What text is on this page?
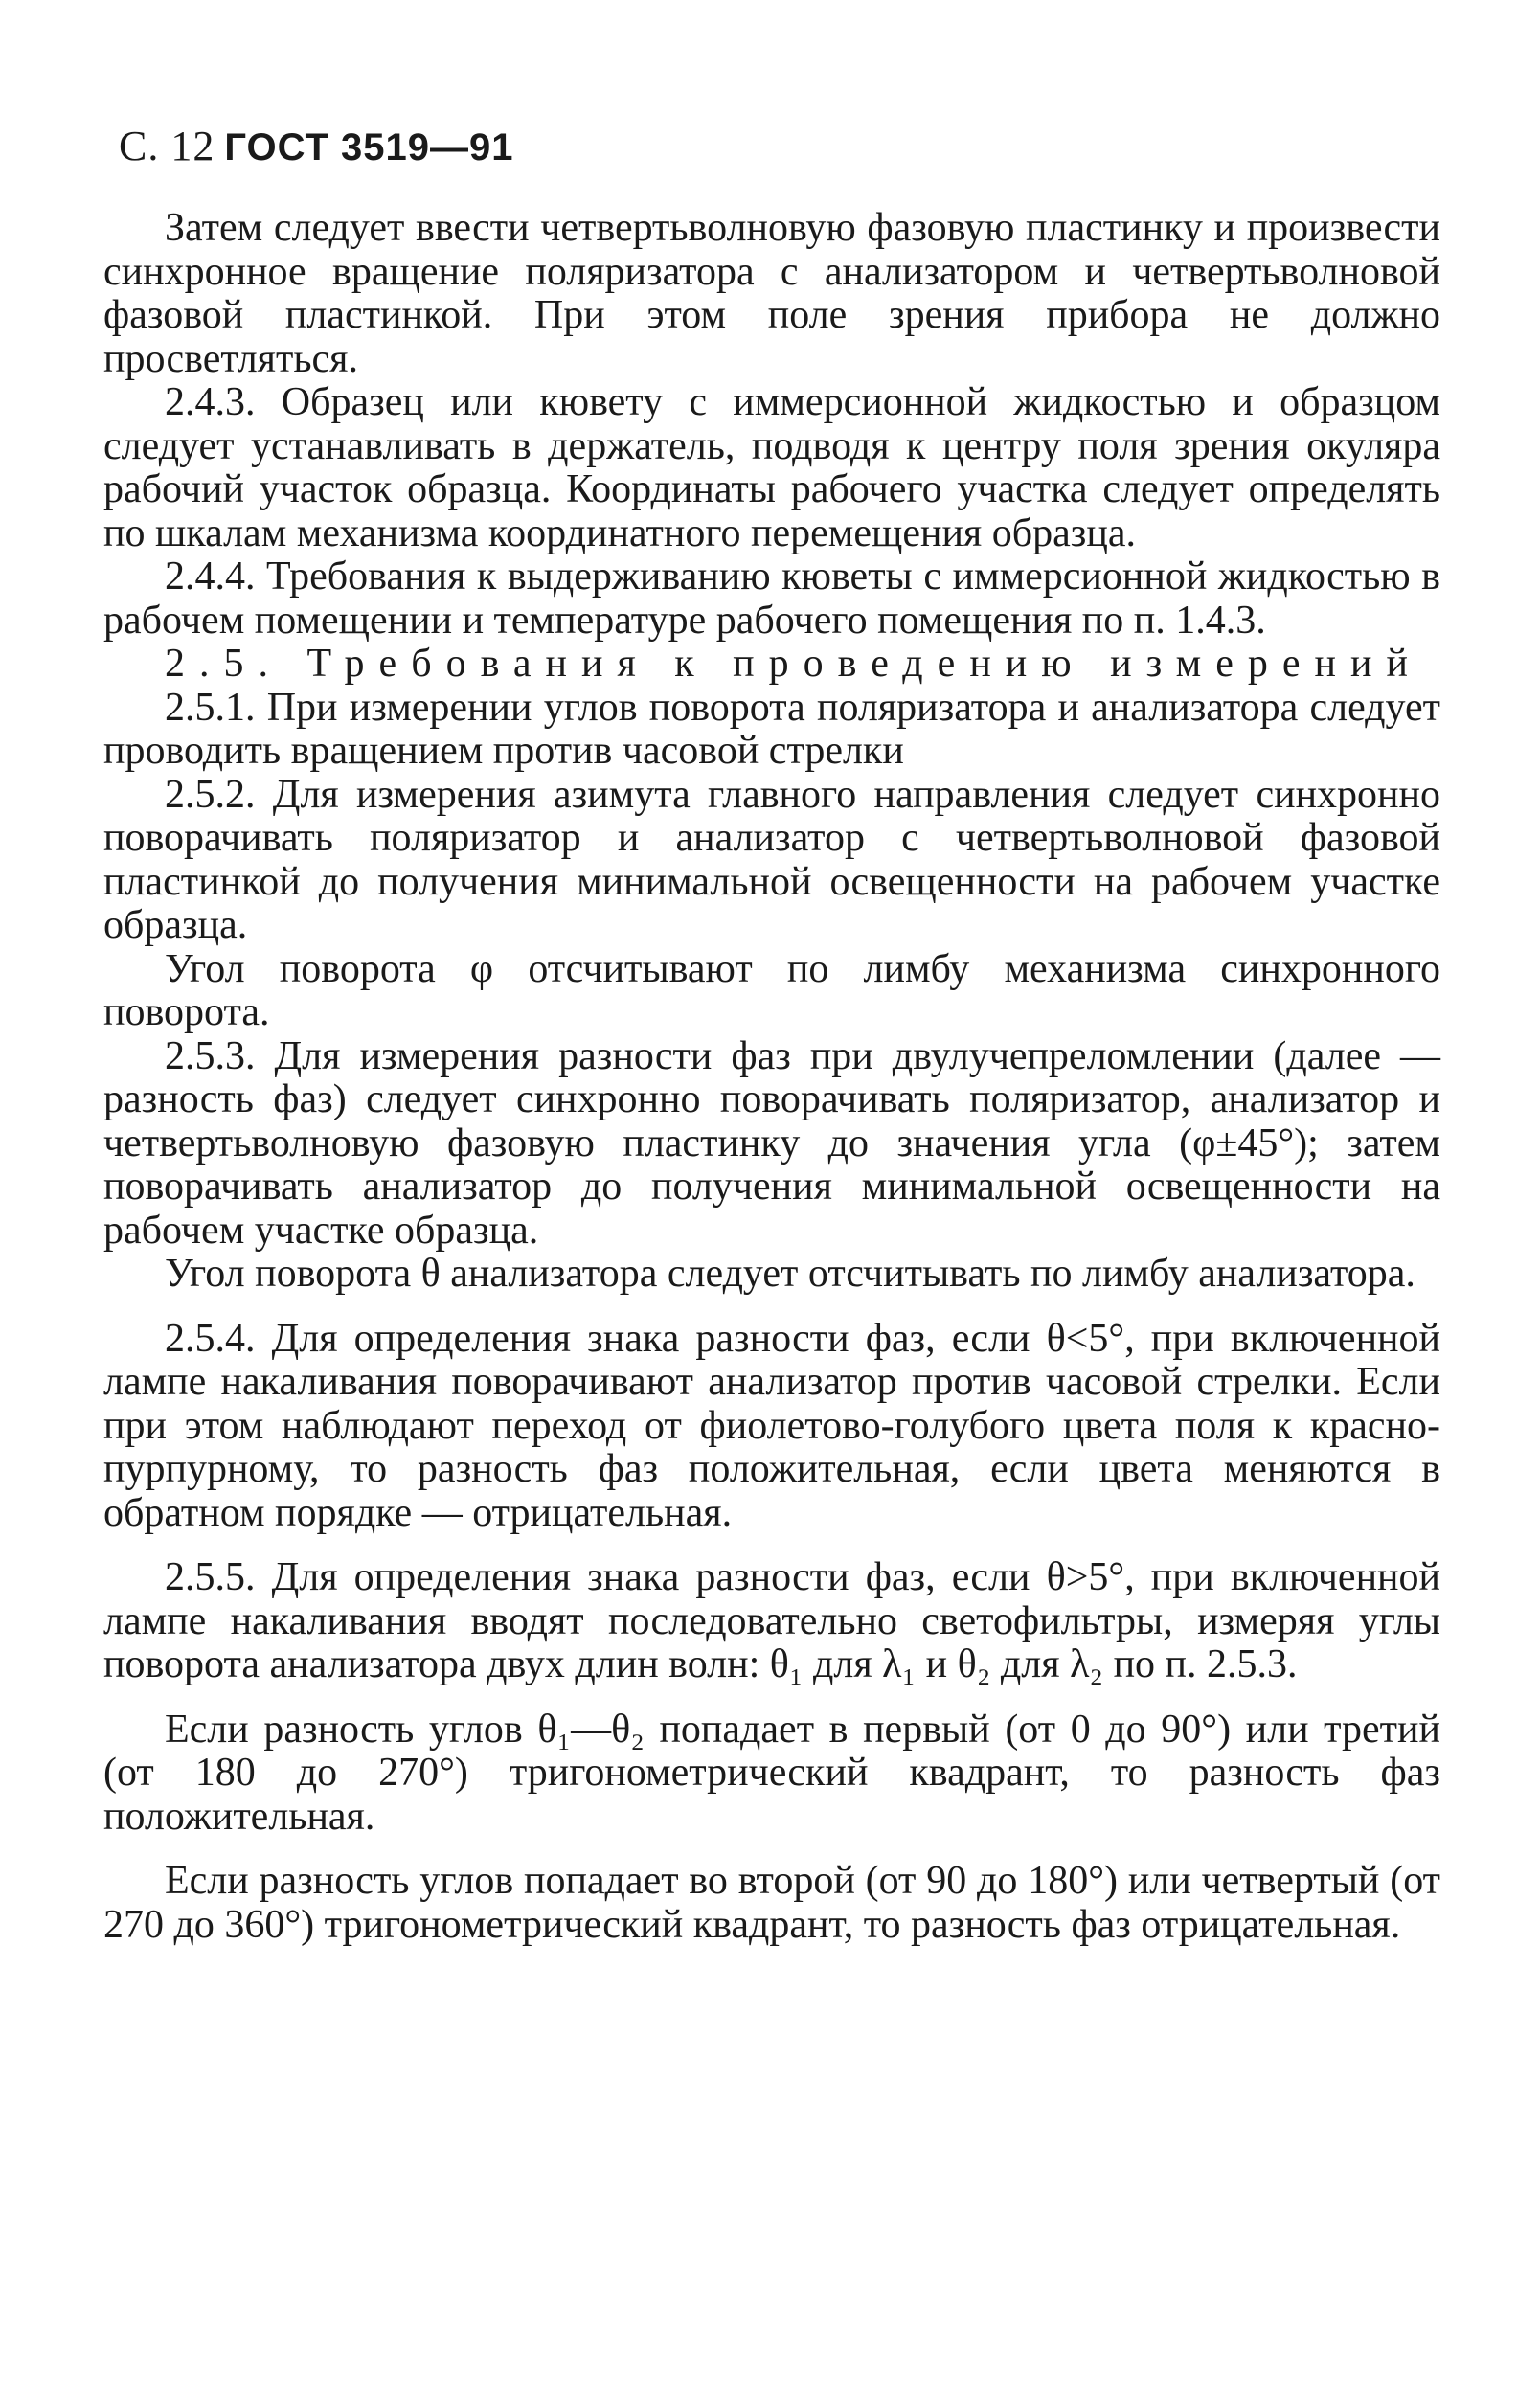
С. 12 ГОСТ 3519—91

Затем следует ввести четвертьволновую фазовую пластинку и произвести синхронное вращение поляризатора с анализатором и четвертьволновой фазовой пластинкой. При этом поле зрения прибора не должно просветляться.

2.4.3. Образец или кювету с иммерсионной жидкостью и образцом следует устанавливать в держатель, подводя к центру поля зрения окуляра рабочий участок образца. Координаты рабочего участка следует определять по шкалам механизма координатного перемещения образца.

2.4.4. Требования к выдерживанию кюветы с иммерсионной жидкостью в рабочем помещении и температуре рабочего помещения по п. 1.4.3.

2.5. Требования к проведению измерений

2.5.1. При измерении углов поворота поляризатора и анализатора следует проводить вращением против часовой стрелки

2.5.2. Для измерения азимута главного направления следует синхронно поворачивать поляризатор и анализатор с четвертьволновой фазовой пластинкой до получения минимальной освещенности на рабочем участке образца.

Угол поворота φ отсчитывают по лимбу механизма синхронного поворота.

2.5.3. Для измерения разности фаз при двулучепреломлении (далее — разность фаз) следует синхронно поворачивать поляризатор, анализатор и четвертьволновую фазовую пластинку до значения угла (φ±45°); затем поворачивать анализатор до получения минимальной освещенности на рабочем участке образца.

Угол поворота θ анализатора следует отсчитывать по лимбу анализатора.

2.5.4. Для определения знака разности фаз, если θ<5°, при включенной лампе накаливания поворачивают анализатор против часовой стрелки. Если при этом наблюдают переход от фиолетово-голубого цвета поля к красно-пурпурному, то разность фаз положительная, если цвета меняются в обратном порядке — отрицательная.

2.5.5. Для определения знака разности фаз, если θ>5°, при включенной лампе накаливания вводят последовательно светофильтры, измеряя углы поворота анализатора двух длин волн: θ₁ для λ₁ и θ₂ для λ₂ по п. 2.5.3.

Если разность углов θ₁—θ₂ попадает в первый (от 0 до 90°) или третий (от 180 до 270°) тригонометрический квадрант, то разность фаз положительная.

Если разность углов попадает во второй (от 90 до 180°) или четвертый (от 270 до 360°) тригонометрический квадрант, то разность фаз отрицательная.
